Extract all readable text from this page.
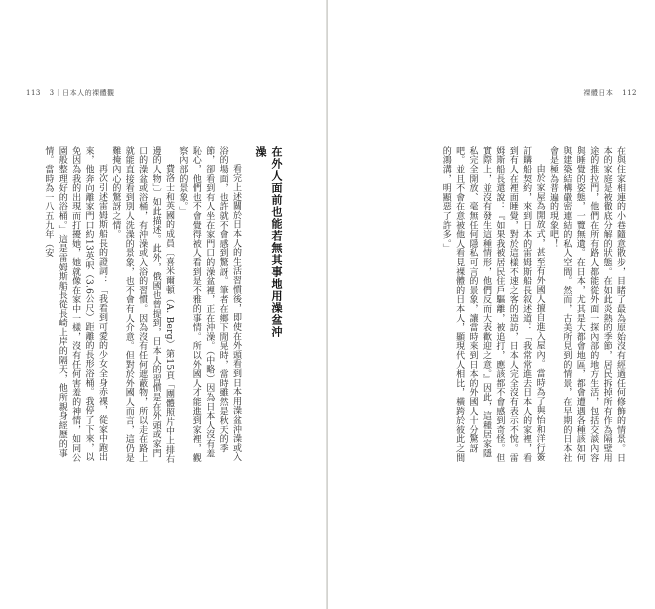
113 3｜日本人的裸體觀	裸體日本 112
在外人面前也能若無其事地用澡盆沖澡

看完上述關於日本人的生活習慣後，即使在外頭看到日本用澡盆沖澡或入浴的場面，也許就不會感到驚訝。筆者在鄉下閒晃時，當時雖然是秋天的季節，卻看到有人坐在家門口的澡盆裡，正在沖澡。（中略）因為日本人沒有羞恥心，他們也不會覺得被人看到是不雅的事情。所以外國人才能進到家裡，觀察內部的景象。」

費洛士和英國的成員〔喜米爾頓（A. Berg）第15頁「團體照片中上排右邊的人物」〕如此描述。此外，俄國也曾提到，日本人的習慣是在外頭或家門口的澡盆或浴桶，有沖澡或入浴的習慣。因為沒有任何遮蔽物，所以走在路上就能直接看到別人洗澡的景象，也不會有人介意。但對於外國人而言，這仍是難掩內心的驚訝之情。

再次引述雷姆斯船長的證詞：「我看到可愛的少女全身赤裸，從家中跑出來，他奔向離家門口約13英呎（3.6公尺）距離的長形浴桶。我停了下來，以免因為我的出現而打擾她，她就像在家中一樣，沒有任何害羞的神情，如同公園般整理好的浴桶。」這是雷姆斯船長從長崎上岸的隔天，他所親身經歷的事情。當時為一八五九年（安	在與住家相連的小巷隨意散步，目睹了最為原始沒有經過任何修飾的情景。日本的家庭是被徹底分解的狀態。在如此炎熱的季節，居民拆掉所有作為隔壁用途的推拉門，他們在所有路人都能從外面一探內部的地方生活，包括交談內容與睡覺的姿態，一覽無遺。在日本，尤其是大都會地區，都會遭遇各種該如何與建築結構嚴密連結的私人空間。然而，古美所見到的情景，在早期的日本社會是極為普遍的現象吧！

由於家屋為開放式，甚至有外國人擅自進入屋內。當時為了與怡和洋行簽訂購船契約，來到日本的雷姆斯船長叙述道：「我常常進去日本人的家裡，看到有人在裡面睡覺，對於這樣不速之客的造訪，日本人完全沒有表示不悅。雷姆斯船長還說：『如果我被居民住戶驅離，被追打，應該都不會感到奇怪。但實際上，並沒有發生這種情形，他們反而大表歡迎之意。』因此，這種居家隱私完全開放、毫無任何隱私可言的景象，讓當時來到日本的外國人十分驚訝吧。並且不會在意被他人看見裸體的日本人，顯現代人相比，橫跨於彼此之間的鴻溝，明顯惡了許多。」
